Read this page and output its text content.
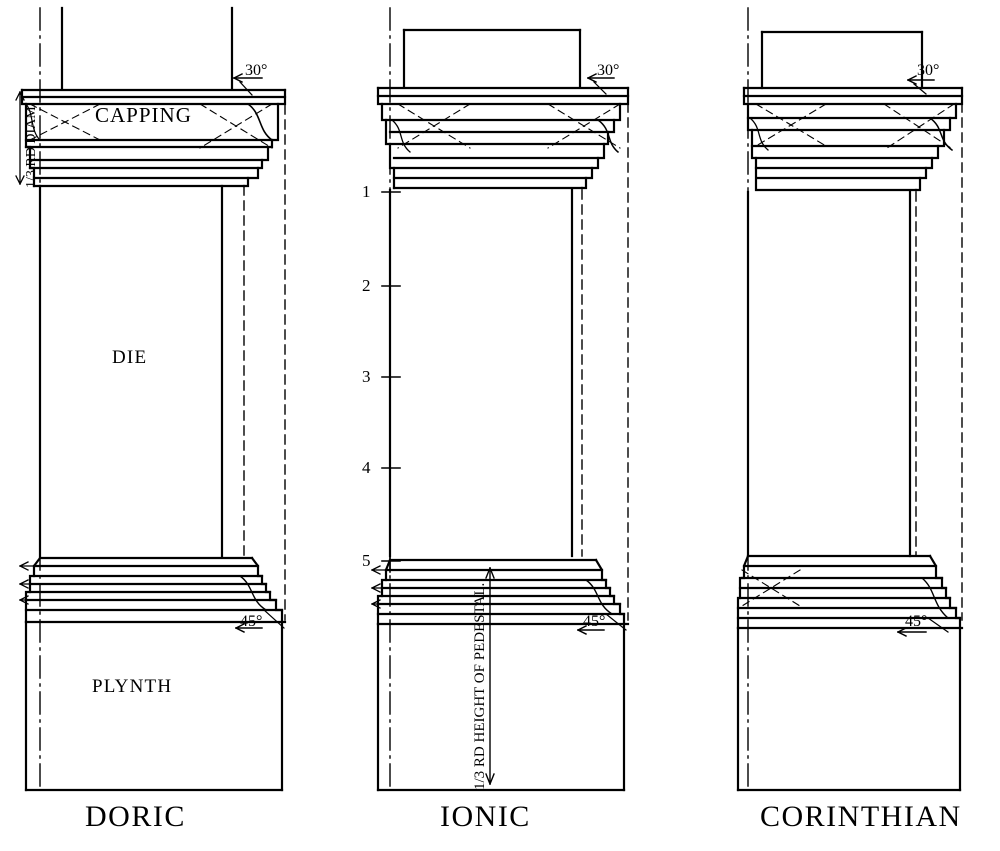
CAPPING
DIE
PLYNTH
30°	30°	30°
45°	45°	45°
1/3 RD DIAM.
1/3 RD HEIGHT OF PEDESTAL.
1
2
3
4
5
DORIC	IONIC	CORINTHIAN
